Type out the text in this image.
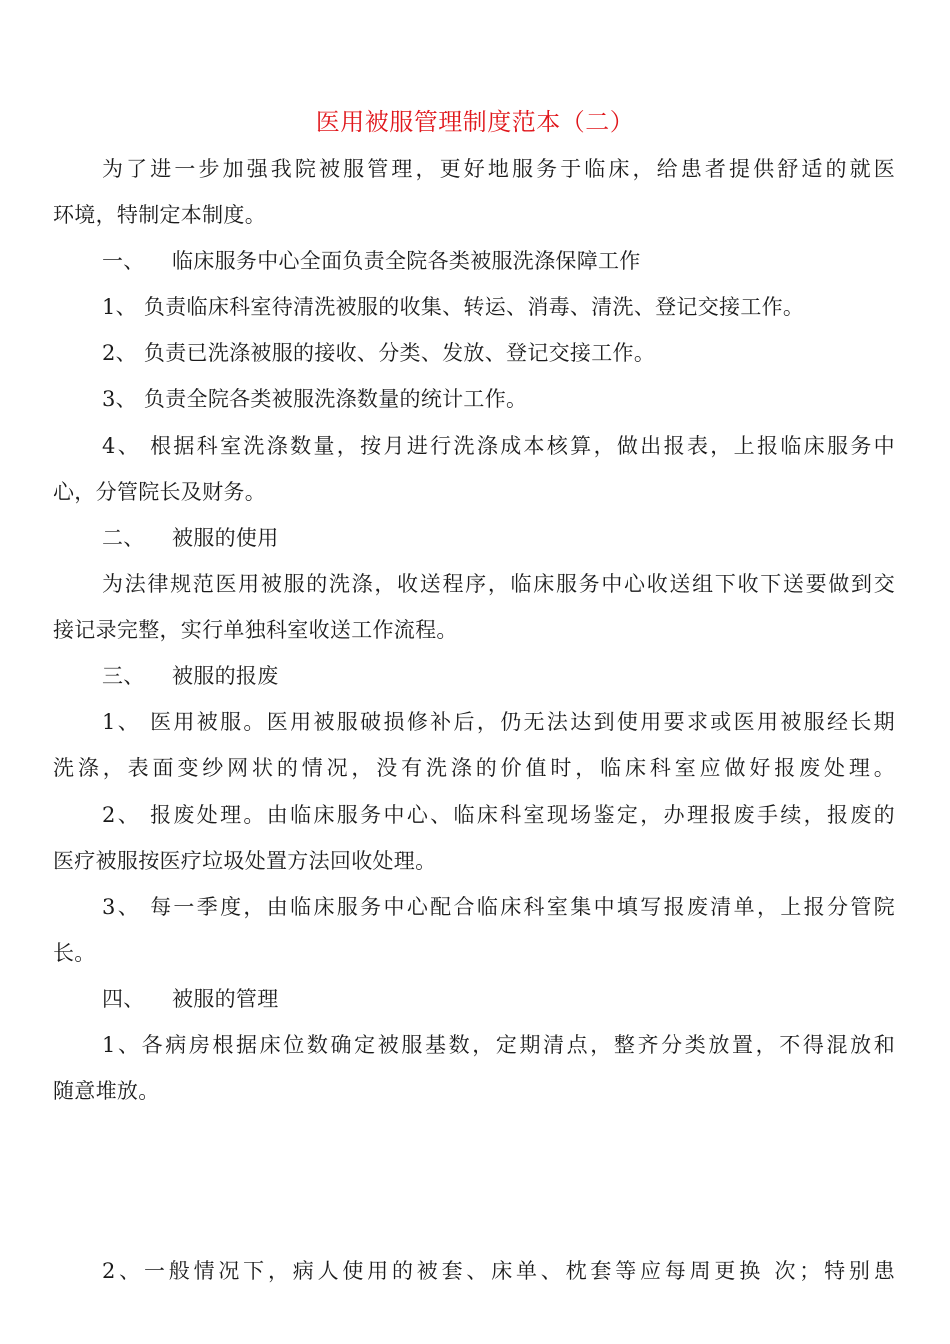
医用被服管理制度范本（二）
为了进一步加强我院被服管理，更好地服务于临床，给患者提供舒适的就医
环境，特制定本制度。
一、 临床服务中心全面负责全院各类被服洗涤保障工作
1、 负责临床科室待清洗被服的收集、转运、消毒、清洗、登记交接工作。
2、 负责已洗涤被服的接收、分类、发放、登记交接工作。
3、 负责全院各类被服洗涤数量的统计工作。
4、 根据科室洗涤数量，按月进行洗涤成本核算，做出报表，上报临床服务中
心，分管院长及财务。
二、 被服的使用
为法律规范医用被服的洗涤，收送程序，临床服务中心收送组下收下送要做到交
接记录完整，实行单独科室收送工作流程。
三、 被服的报废
1、 医用被服。医用被服破损修补后，仍无法达到使用要求或医用被服经长期
洗涤，表面变纱网状的情况，没有洗涤的价值时，临床科室应做好报废处理。
2、 报废处理。由临床服务中心、临床科室现场鉴定，办理报废手续，报废的
医疗被服按医疗垃圾处置方法回收处理。
3、 每一季度，由临床服务中心配合临床科室集中填写报废清单，上报分管院
长。
四、 被服的管理
1、各病房根据床位数确定被服基数，定期清点，整齐分类放置，不得混放和
随意堆放。
2、一般情况下，病人使用的被套、床单、枕套等应每周更换 次；特别患
